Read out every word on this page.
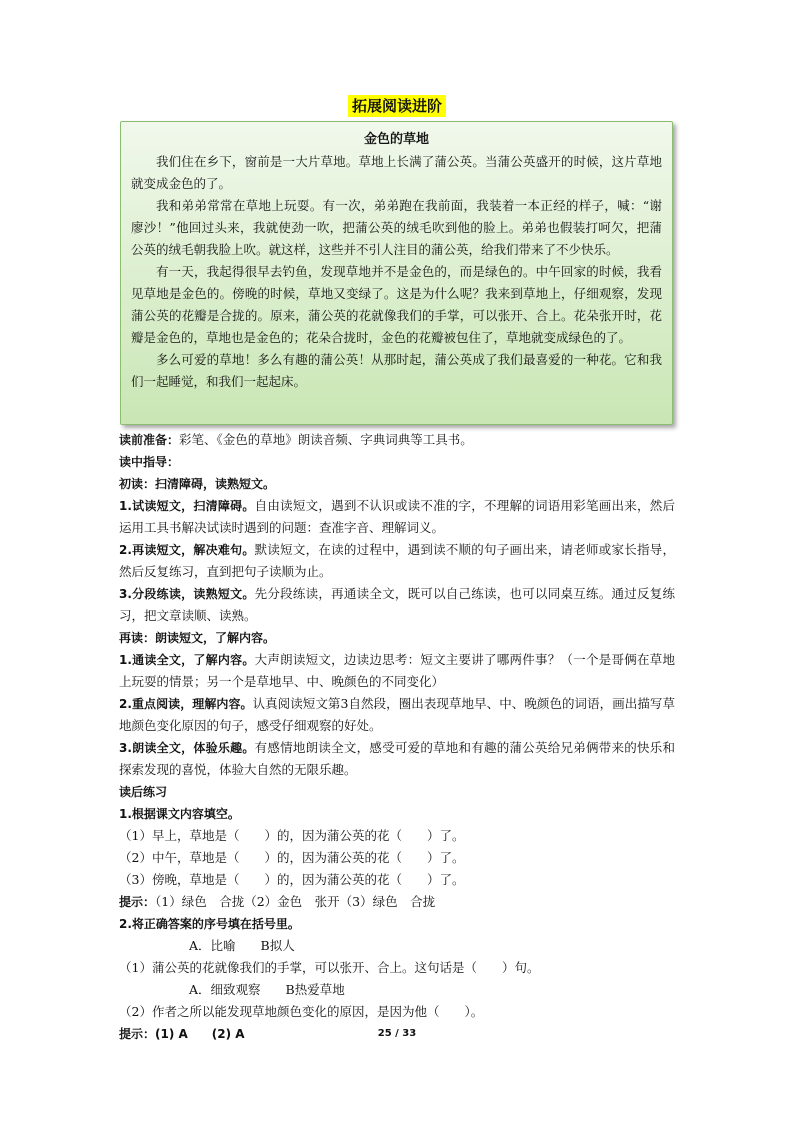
拓展阅读进阶
金色的草地

我们住在乡下，窗前是一大片草地。草地上长满了蒲公英。当蒲公英盛开的时候，这片草地就变成金色的了。

我和弟弟常常在草地上玩耍。有一次，弟弟跑在我前面，我装着一本正经的样子，喊：“谢廖沙！”他回过头来，我就使劲一吹，把蒲公英的绒毛吹到他的脸上。弟弟也假装打呵欠，把蒲公英的绒毛朝我脸上吹。就这样，这些并不引人注目的蒲公英，给我们带来了不少快乐。

有一天，我起得很早去钓鱼，发现草地并不是金色的，而是绿色的。中午回家的时候，我看见草地是金色的。傍晚的时候，草地又变绿了。这是为什么呢？我来到草地上，仔细观察，发现蒲公英的花瓣是合拢的。原来，蒲公英的花就像我们的手掌，可以张开、合上。花朵张开时，花瓣是金色的，草地也是金色的；花朵合拢时，金色的花瓣被包住了，草地就变成绿色的了。

多么可爱的草地！多么有趣的蒲公英！从那时起，蒲公英成了我们最喜爱的一种花。它和我们一起睡觉，和我们一起起床。

读前准备：彩笔、《金色的草地》朗读音频、字典词典等工具书。
读中指导：
初读：扫清障碍，读熟短文。
1.试读短文，扫清障碍。自由读短文，遇到不认识或读不准的字，不理解的词语用彩笔画出来，然后运用工具书解决试读时遇到的问题：查准字音、理解词义。
2.再读短文，解决难句。默读短文，在读的过程中，遇到读不顺的句子画出来，请老师或家长指导，然后反复练习，直到把句子读顺为止。
3.分段练读，读熟短文。先分段练读，再通读全文，既可以自己练读，也可以同桌互练。通过反复练习，把文章读顺、读熟。
再读：朗读短文，了解内容。
1.通读全文，了解内容。大声朗读短文，边读边思考：短文主要讲了哪两件事？（一个是哥俩在草地上玩耍的情景；另一个是草地早、中、晚颜色的不同变化）
2.重点阅读，理解内容。认真阅读短文第3自然段，圈出表现草地早、中、晚颜色的词语，画出描写草地颜色变化原因的句子，感受仔细观察的好处。
3.朗读全文，体验乐趣。有感情地朗读全文，感受可爱的草地和有趣的蒲公英给兄弟俩带来的快乐和探索发现的喜悦，体验大自然的无限乐趣。
读后练习
1.根据课文内容填空。
（1）早上，草地是（　　）的，因为蒲公英的花（　　）了。
（2）中午，草地是（　　）的，因为蒲公英的花（　　）了。
（3）傍晚，草地是（　　）的，因为蒲公英的花（　　）了。
提示：（1）绿色　合拢（2）金色　张开（3）绿色　合拢
2.将正确答案的序号填在括号里。
A．比喻　　B拟人
（1）蒲公英的花就像我们的手掌，可以张开、合上。这句话是（　　）句。
A．细致观察　　B热爱草地
（2）作者之所以能发现草地颜色变化的原因，是因为他（　　）。
提示：(1) A　　(2) A	25 / 33
